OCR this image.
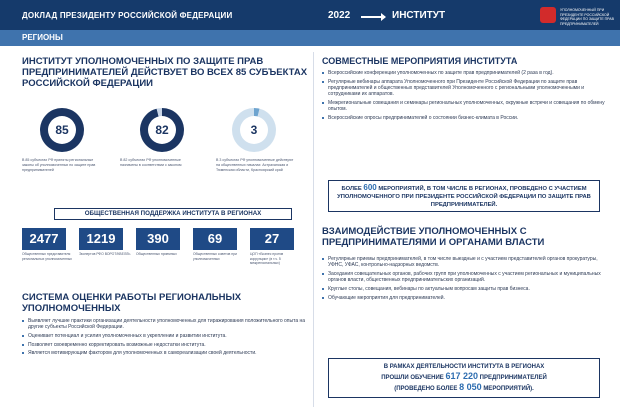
ДОКЛАД ПРЕЗИДЕНТУ РОССИЙСКОЙ ФЕДЕРАЦИИ	2022	ИНСТИТУТ	УПОЛНОМОЧЕННЫЙ ПРИ ПРЕЗИДЕНТЕ РОССИЙСКОЙ ФЕДЕРАЦИИ ПО ЗАЩИТЕ ПРАВ ПРЕДПРИНИМАТЕЛЕЙ
РЕГИОНЫ
ИНСТИТУТ УПОЛНОМОЧЕННЫХ ПО ЗАЩИТЕ ПРАВ ПРЕДПРИНИМАТЕЛЕЙ ДЕЙСТВУЕТ ВО ВСЕХ 85 СУБЪЕКТАХ РОССИЙСКОЙ ФЕДЕРАЦИИ
85	82	3
В 85 субъектах РФ приняты региональные законы об уполномоченных по защите прав предпринимателей
В 82 субъектах РФ уполномоченные назначены в соответствии с законом
В 3 субъектах РФ уполномоченные действуют на общественных началах: Астраханская и Тюменская области, Красноярский край
ОБЩЕСТВЕННАЯ ПОДДЕРЖКА ИНСТИТУТА В РЕГИОНАХ
2477	1219	390	69	27
Общественных представителя региональных уполномоченных
Экспертов РФО ВОРОТ/КВЕЛЛЬ Общественных приемных	Общественных советов при уполномоченных
ЦОП «Бизнес против коррупции» (в т.ч. 5 межрегиональных)
СИСТЕМА ОЦЕНКИ РАБОТЫ РЕГИОНАЛЬНЫХ УПОЛНОМОЧЕННЫХ
Выявляет лучшие практики организации деятельности уполномоченных для тиражирования положительного опыта на другие субъекты Российской Федерации.
Оценивает потенциал и усилия уполномоченных в укреплении и развитии института.
Позволяет своевременно корректировать возможные недостатки института.
Является мотивирующим фактором для уполномоченных в самореализации своей деятельности.
СОВМЕСТНЫЕ МЕРОПРИЯТИЯ ИНСТИТУТА
Всероссийские конференции уполномоченных по защите прав предпринимателей (2 раза в год).
Регулярные вебинары аппарата Уполномоченного при Президенте Российской Федерации по защите прав предпринимателей и общественных представителей Уполномоченного с региональными уполномоченными и сотрудниками их аппаратов.
Межрегиональные совещания и семинары региональных уполномоченных, окружные встречи и совещания по обмену опытом.
Всероссийские опросы предпринимателей о состоянии бизнес-климата в России.
БОЛЕЕ 600 МЕРОПРИЯТИЙ, В ТОМ ЧИСЛЕ В РЕГИОНАХ, ПРОВЕДЕНО С УЧАСТИЕМ УПОЛНОМОЧЕННОГО ПРИ ПРЕЗИДЕНТЕ РОССИЙСКОЙ ФЕДЕРАЦИИ ПО ЗАЩИТЕ ПРАВ ПРЕДПРИНИМАТЕЛЕЙ.
ВЗАИМОДЕЙСТВИЕ УПОЛНОМОЧЕННЫХ С ПРЕДПРИНИМАТЕЛЯМИ И ОРГАНАМИ ВЛАСТИ
Регулярные приемы предпринимателей, в том числе выездные и с участием представителей органов прокуратуры, УФНС, УФАС, контрольно-надзорных ведомств.
Заседания совещательных органов, рабочих групп при уполномоченных с участием региональных и муниципальных органов власти, общественных предпринимательских организаций.
Круглые столы, совещания, вебинары по актуальным вопросам защиты прав бизнеса.
Обучающие мероприятия для предпринимателей.
В РАМКАХ ДЕЯТЕЛЬНОСТИ ИНСТИТУТА В РЕГИОНАХ
ПРОШЛИ ОБУЧЕНИЕ 617 220 ПРЕДПРИНИМАТЕЛЕЙ
(ПРОВЕДЕНО БОЛЕЕ 8 050 МЕРОПРИЯТИЙ).
